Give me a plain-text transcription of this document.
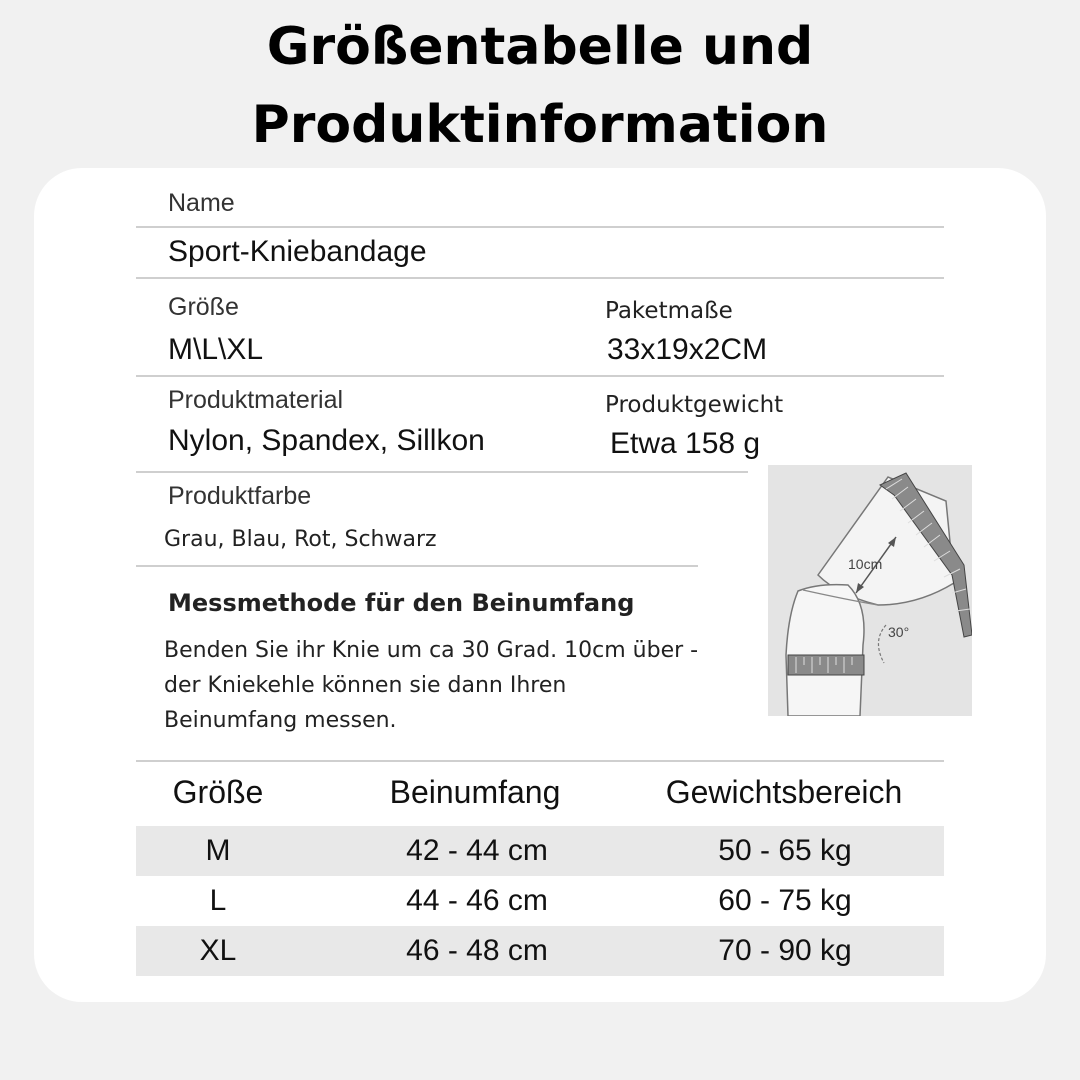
Größentabelle und
Produktinformation
Name
Sport-Kniebandage
Größe
M\L\XL
Paketmaße
33x19x2CM
Produktmaterial
Nylon, Spandex, Sillkon
Produktgewicht
Etwa 158 g
Produktfarbe
Grau, Blau, Rot, Schwarz
Messmethode für den Beinumfang
Benden Sie ihr Knie um ca 30 Grad. 10cm über -
der Kniekehle können sie dann Ihren
Beinumfang messen.
10cm
30°
Größe	Beinumfang	Gewichtsbereich
M	42 - 44 cm	50 - 65 kg
L	44 - 46 cm	60 - 75 kg
XL	46 - 48 cm	70 - 90 kg
